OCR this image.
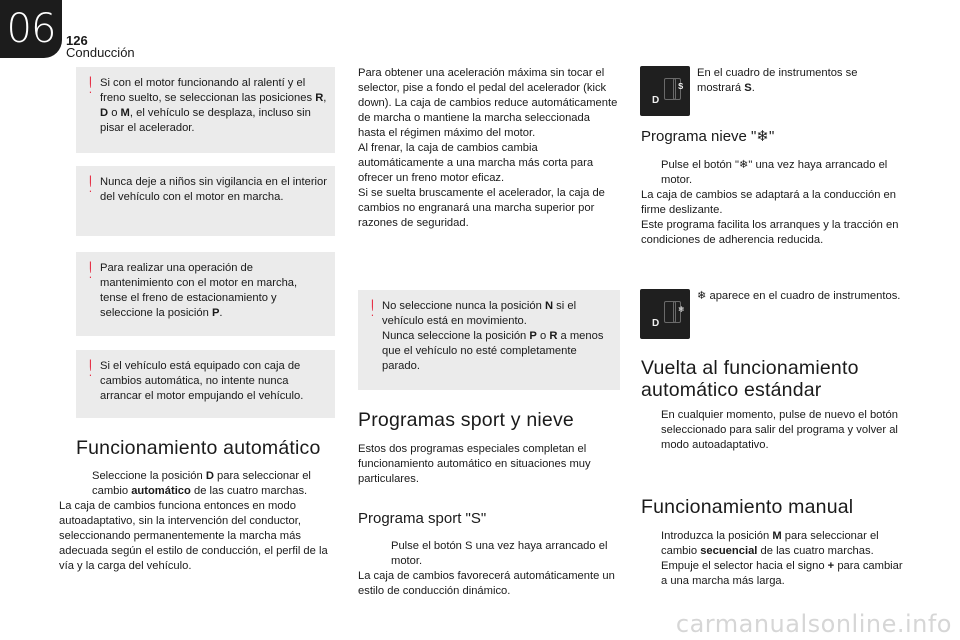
06 126
Conducción
! Si con el motor funcionando al ralentí y el freno suelto, se seleccionan las posiciones R, D o M, el vehículo se desplaza, incluso sin pisar el acelerador.
! Nunca deje a niños sin vigilancia en el interior del vehículo con el motor en marcha.
! Para realizar una operación de mantenimiento con el motor en marcha, tense el freno de estacionamiento y seleccione la posición P.
! Si el vehículo está equipado con caja de cambios automática, no intente nunca arrancar el motor empujando el vehículo.
Funcionamiento automático
Seleccione la posición D para seleccionar el cambio automático de las cuatro marchas.
La caja de cambios funciona entonces en modo autoadaptativo, sin la intervención del conductor, seleccionando permanentemente la marcha más adecuada según el estilo de conducción, el perfil de la vía y la carga del vehículo.
Para obtener una aceleración máxima sin tocar el selector, pise a fondo el pedal del acelerador (kick down). La caja de cambios reduce automáticamente de marcha o mantiene la marcha seleccionada hasta el régimen máximo del motor.
Al frenar, la caja de cambios cambia automáticamente a una marcha más corta para ofrecer un freno motor eficaz.
Si se suelta bruscamente el acelerador, la caja de cambios no engranará una marcha superior por razones de seguridad.
! No seleccione nunca la posición N si el vehículo está en movimiento.
Nunca seleccione la posición P o R a menos que el vehículo no esté completamente parado.
Programas sport y nieve
Estos dos programas especiales completan el funcionamiento automático en situaciones muy particulares.
Programa sport "S"
Pulse el botón S una vez haya arrancado el motor.
La caja de cambios favorecerá automáticamente un estilo de conducción dinámico.
D
S
En el cuadro de instrumentos se mostrará S.
Programa nieve "❄"
Pulse el botón "❄" una vez haya arrancado el motor.
La caja de cambios se adaptará a la conducción en firme deslizante.
Este programa facilita los arranques y la tracción en condiciones de adherencia reducida.
D
❄
❄ aparece en el cuadro de instrumentos.
Vuelta al funcionamiento
automático estándar
En cualquier momento, pulse de nuevo el botón seleccionado para salir del programa y volver al modo autoadaptativo.
Funcionamiento manual
Introduzca la posición M para seleccionar el cambio secuencial de las cuatro marchas.
Empuje el selector hacia el signo + para cambiar a una marcha más larga.
carmanualsonline.info
